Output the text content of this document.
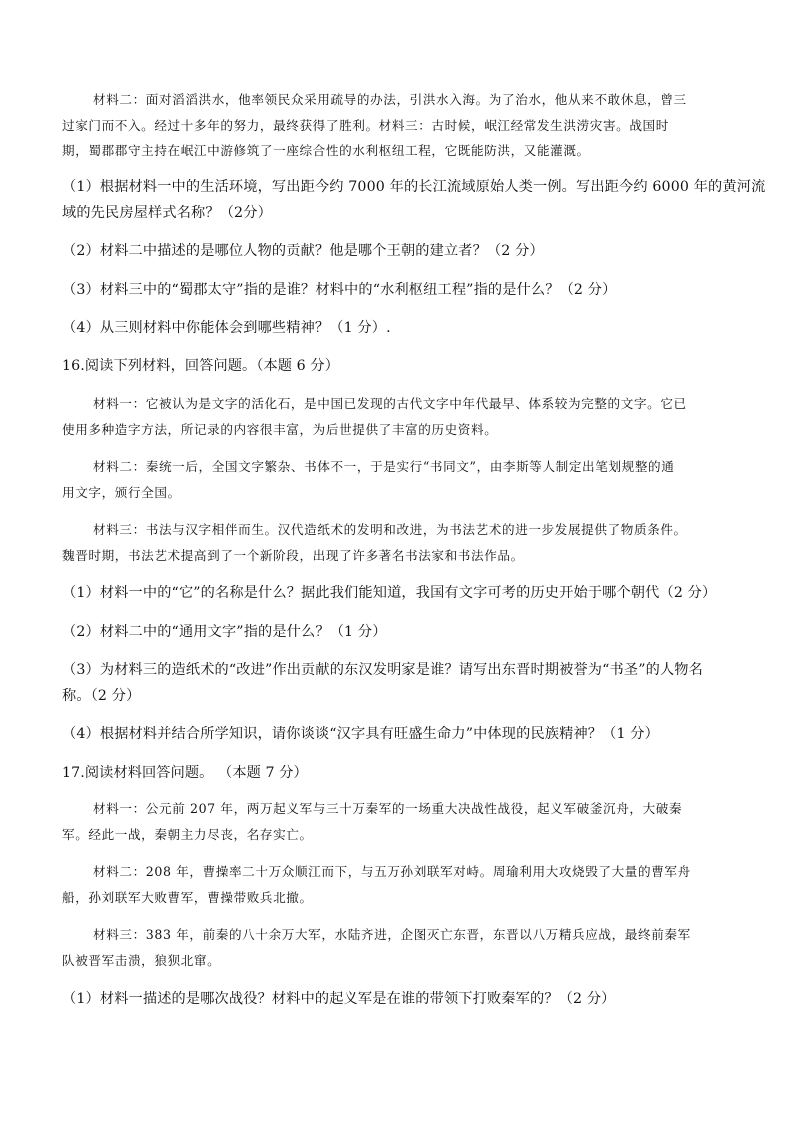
材料二：面对滔滔洪水，他率领民众采用疏导的办法，引洪水入海。为了治水，他从来不敢休息，曾三
过家门而不入。经过十多年的努力，最终获得了胜利。材料三：古时候，岷江经常发生洪涝灾害。战国时
期，蜀郡郡守主持在岷江中游修筑了一座综合性的水利枢纽工程，它既能防洪，又能灌溉。
（1）根据材料一中的生活环境，写出距今约 7000 年的长江流域原始人类一例。写出距今约 6000 年的黄河流
域的先民房屋样式名称？（2分）
（2）材料二中描述的是哪位人物的贡献？他是哪个王朝的建立者？（2 分）
（3）材料三中的“蜀郡太守”指的是谁？材料中的“水利枢纽工程”指的是什么？（2 分）
（4）从三则材料中你能体会到哪些精神？（1 分）.
16.阅读下列材料，回答问题。（本题 6 分）
材料一：它被认为是文字的活化石，是中国已发现的古代文字中年代最早、体系较为完整的文字。它已
使用多种造字方法，所记录的内容很丰富，为后世提供了丰富的历史资料。
材料二：秦统一后，全国文字繁杂、书体不一，于是实行“书同文”，由李斯等人制定出笔划规整的通
用文字，颁行全国。
材料三：书法与汉字相伴而生。汉代造纸术的发明和改进，为书法艺术的进一步发展提供了物质条件。
魏晋时期，书法艺术提高到了一个新阶段，出现了许多著名书法家和书法作品。
（1）材料一中的“它”的名称是什么？据此我们能知道，我国有文字可考的历史开始于哪个朝代（2 分）
（2）材料二中的“通用文字”指的是什么？（1 分）
（3）为材料三的造纸术的“改进”作出贡献的东汉发明家是谁？请写出东晋时期被誉为“书圣”的人物名
称。（2 分）
（4）根据材料并结合所学知识，请你谈谈“汉字具有旺盛生命力”中体现的民族精神？（1 分）
17.阅读材料回答问题。 （本题 7 分）
材料一：公元前 207 年，两万起义军与三十万秦军的一场重大决战性战役，起义军破釜沉舟，大破秦
军。经此一战，秦朝主力尽丧，名存实亡。
材料二：208 年，曹操率二十万众顺江而下，与五万孙刘联军对峙。周瑜利用大攻烧毁了大量的曹军舟
船，孙刘联军大败曹军，曹操带败兵北撤。
材料三：383 年，前秦的八十余万大军，水陆齐进，企图灭亡东晋，东晋以八万精兵应战，最终前秦军
队被晋军击溃，狼狈北窜。
（1）材料一描述的是哪次战役？材料中的起义军是在谁的带领下打败秦军的？（2 分）
